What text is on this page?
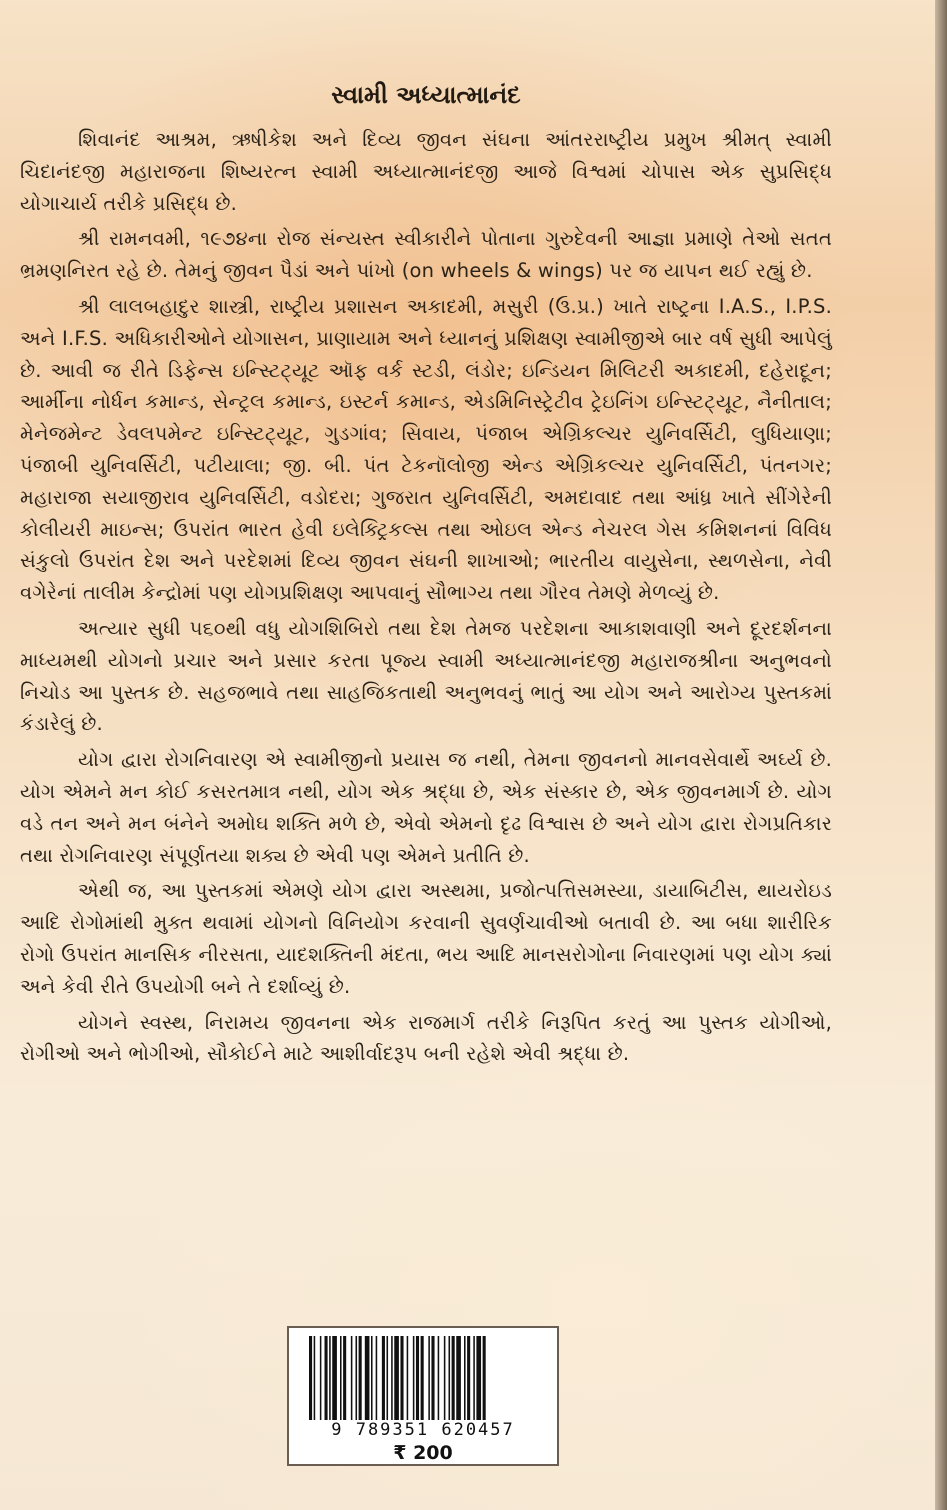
સ્વામી અધ્યાત્માનંદ

શિવાનંદ આશ્રમ, ઋષીકેશ અને દિવ્ય જીવન સંઘના આંતરરાષ્ટ્રીય પ્રમુખ શ્રીમત્ સ્વામી ચિદાનંદજી મહારાજના શિષ્યરત્ન સ્વામી અધ્યાત્માનંદજી આજે વિશ્વમાં ચોપાસ એક સુપ્રસિદ્ધ યોગાચાર્ય તરીકે પ્રસિદ્ધ છે.

શ્રી રામનવમી, ૧૯૭૪ના રોજ સંન્યસ્ત સ્વીકારીને પોતાના ગુરુદેવની આજ્ઞા પ્રમાણે તેઓ સતત ભ્રમણનિરત રહે છે. તેમનું જીવન પૈડાં અને પાંખો (on wheels & wings) પર જ યાપન થઈ રહ્યું છે.

શ્રી લાલબહાદુર શાસ્ત્રી, રાષ્ટ્રીય પ્રશાસન અકાદમી, મસુરી (ઉ.પ્ર.) ખાતે રાષ્ટ્રના I.A.S., I.P.S. અને I.F.S. અધિકારીઓને યોગાસન, પ્રાણાયામ અને ધ્યાનનું પ્રશિક્ષણ સ્વામીજીએ બાર વર્ષ સુધી આપેલું છે. આવી જ રીતે ડિફેન્સ ઇન્સ્ટિટ્યૂટ ઑફ વર્ક સ્ટડી, લંડોર; ઇન્ડિયન મિલિટરી અકાદમી, દહેરાદૂન; આર્મીના નોર્ધન કમાન્ડ, સેન્ટ્રલ કમાન્ડ, ઇસ્ટર્ન કમાન્ડ, એડમિનિસ્ટ્રેટીવ ટ્રેઇનિંગ ઇન્સ્ટિટ્યૂટ, નૈનીતાલ; મેનેજમેન્ટ ડેવલપમેન્ટ ઇન્સ્ટિટ્યૂટ, ગુડગાંવ; સિવાય, પંજાબ એગ્રિકલ્ચર યુનિવર્સિટી, લુધિયાણા; પંજાબી યુનિવર્સિટી, પટીયાલા; જી. બી. પંત ટેકનૉલોજી એન્ડ એગ્રિકલ્ચર યુનિવર્સિટી, પંતનગર; મહારાજા સયાજીરાવ યુનિવર્સિટી, વડોદરા; ગુજરાત યુનિવર્સિટી, અમદાવાદ તથા આંધ્ર ખાતે સીંગેરેની કોલીયરી માઇન્સ; ઉપરાંત ભારત હેવી ઇલેક્ટ્રિકલ્સ તથા ઓઇલ એન્ડ નેચરલ ગેસ કમિશનનાં વિવિધ સંકુલો ઉપરાંત દેશ અને પરદેશમાં દિવ્ય જીવન સંઘની શાખાઓ; ભારતીય વાયુસેના, સ્થળસેના, નેવી વગેરેનાં તાલીમ કેન્દ્રોમાં પણ યોગપ્રશિક્ષણ આપવાનું સૌભાગ્ય તથા ગૌરવ તેમણે મેળવ્યું છે.

અત્યાર સુધી ૫૬૦થી વધુ યોગશિબિરો તથા દેશ તેમજ પરદેશના આકાશવાણી અને દૂરદર્શનના માધ્યમથી યોગનો પ્રચાર અને પ્રસાર કરતા પૂજ્ય સ્વામી અધ્યાત્માનંદજી મહારાજશ્રીના અનુભવનો નિચોડ આ પુસ્તક છે. સહજભાવે તથા સાહજિકતાથી અનુભવનું ભાતું આ યોગ અને આરોગ્ય પુસ્તકમાં કંડારેલું છે.

યોગ દ્વારા રોગનિવારણ એ સ્વામીજીનો પ્રયાસ જ નથી, તેમના જીવનનો માનવસેવાર્થે અર્ઘ્ય છે. યોગ એમને મન કોઈ કસરતમાત્ર નથી, યોગ એક શ્રદ્ધા છે, એક સંસ્કાર છે, એક જીવનમાર્ગ છે. યોગ વડે તન અને મન બંનેને અમોઘ શક્તિ મળે છે, એવો એમનો દૃઢ વિશ્વાસ છે અને યોગ દ્વારા રોગપ્રતિકાર તથા રોગનિવારણ સંપૂર્ણતયા શક્ય છે એવી પણ એમને પ્રતીતિ છે.

એથી જ, આ પુસ્તકમાં એમણે યોગ દ્વારા અસ્થમા, પ્રજોત્પત્તિસમસ્યા, ડાયાબિટીસ, થાયરોઇડ આદિ રોગોમાંથી મુક્ત થવામાં યોગનો વિનિયોગ કરવાની સુવર્ણચાવીઓ બતાવી છે. આ બધા શારીરિક રોગો ઉપરાંત માનસિક નીરસતા, યાદશક્તિની મંદતા, ભય આદિ માનસરોગોના નિવારણમાં પણ યોગ ક્યાં અને કેવી રીતે ઉપયોગી બને તે દર્શાવ્યું છે.

યોગને સ્વસ્થ, નિરામય જીવનના એક રાજમાર્ગ તરીકે નિરૂપિત કરતું આ પુસ્તક યોગીઓ, રોગીઓ અને ભોગીઓ, સૌકોઈને માટે આશીર્વાદરૂપ બની રહેશે એવી શ્રદ્ધા છે.

9 789351 620457
₹ 200
